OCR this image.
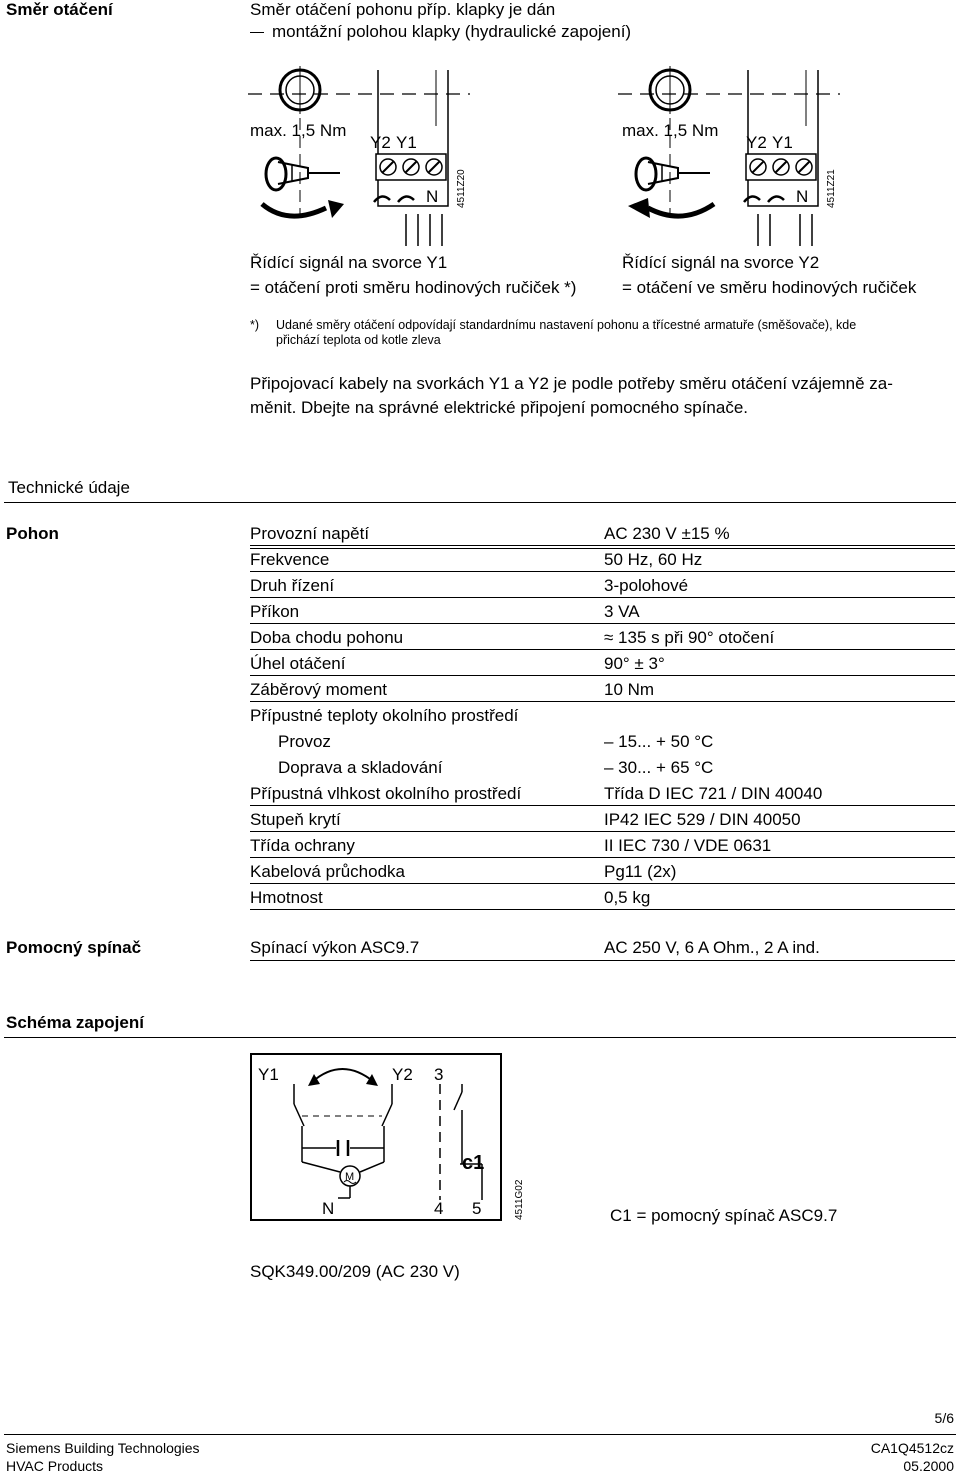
Směr otáčení	Směr otáčení pohonu příp. klapky je dán
montážní polohou klapky (hydraulické zapojení)
max. 1,5 Nm
Y2 Y1
N 4511Z20
max. 1,5 Nm
Y2 Y1
N 4511Z21
Řídící signál na svorce Y1
= otáčení proti směru hodinových ručiček *)
Řídící signál na svorce Y2
= otáčení ve směru hodinových ručiček
*) Udané směry otáčení odpovídají standardnímu nastavení pohonu a třícestné armatuře (směšovače), kde
přichází teplota od kotle zleva
Připojovací kabely na svorkách Y1 a Y2 je podle potřeby směru otáčení vzájemně za-
měnit. Dbejte na správné elektrické připojení pomocného spínače.
Technické údaje
Pohon	Provozní napětí	AC 230 V ±15 %
Frekvence	50 Hz, 60 Hz
Druh řízení	3-polohové
Příkon	3 VA
Doba chodu pohonu	≈ 135 s při 90° otočení
Úhel otáčení	90° ± 3°
Záběrový moment	10 Nm
Přípustné teploty okolního prostředí
Provoz	– 15... + 50 °C
Doprava a skladování	– 30... + 65 °C
Přípustná vlhkost okolního prostředí	Třída D IEC 721 / DIN 40040
Stupeň krytí	IP42 IEC 529 / DIN 40050
Třída ochrany	II IEC 730 / VDE 0631
Kabelová průchodka	Pg11 (2x)
Hmotnost	0,5 kg
Pomocný spínač	Spínací výkon ASC9.7	AC 250 V, 6 A Ohm., 2 A ind.
Schéma zapojení
Y1	Y2 3
N	4 5
c1
M
4511G02	C1 = pomocný spínač ASC9.7
SQK349.00/209 (AC 230 V)
5/6
Siemens Building Technologies
HVAC Products
CA1Q4512cz
05.2000
